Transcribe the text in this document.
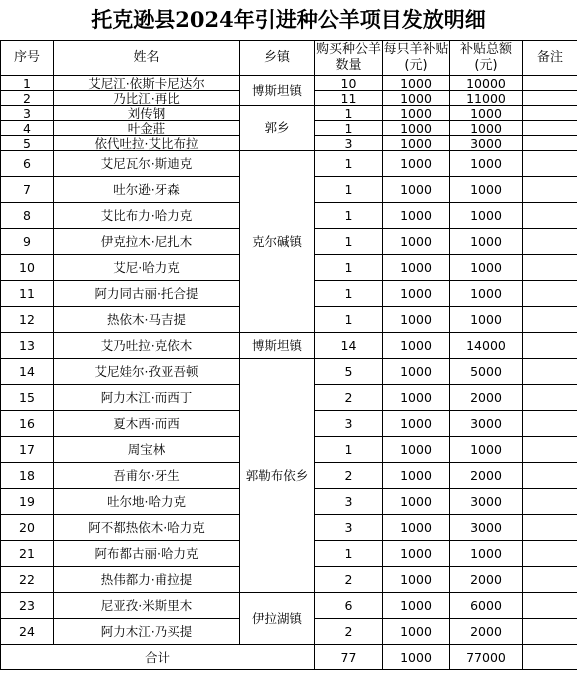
托克逊县2024年引进种公羊项目发放明细
序号	姓名	乡镇	购买种公羊数量	每只羊补贴(元)	补贴总额(元)	备注
1	艾尼江·依斯卡尼达尔	博斯坦镇	10	1000	10000	
2	乃比江·再比		11	1000	11000	
3	刘传钢	郭乡	1	1000	1000	
4	叶金莊		1	1000	1000	
5	依代吐拉·艾比布拉		3	1000	3000	
6	艾尼瓦尔·斯迪克	克尔碱镇	1	1000	1000	
7	吐尔逊·牙森		1	1000	1000	
8	艾比布力·哈力克		1	1000	1000	
9	伊克拉木·尼扎木		1	1000	1000	
10	艾尼·哈力克		1	1000	1000	
11	阿力同古丽·托合提		1	1000	1000	
12	热依木·马吉提		1	1000	1000	
13	艾乃吐拉·克依木	博斯坦镇	14	1000	14000	
14	艾尼娃尔·孜亚吾顿	郭勒布依乡	5	1000	5000	
15	阿力木江·而西丁		2	1000	2000	
16	夏木西·而西		3	1000	3000	
17	周宝林		1	1000	1000	
18	吾甫尔·牙生		2	1000	2000	
19	吐尔地·哈力克		3	1000	3000	
20	阿不都热依木·哈力克		3	1000	3000	
21	阿布都古丽·哈力克		1	1000	1000	
22	热伟都力·甫拉提		2	1000	2000	
23	尼亚孜·米斯里木	伊拉湖镇	6	1000	6000	
24	阿力木江·乃买提		2	1000	2000	
合计			77	1000	77000	
